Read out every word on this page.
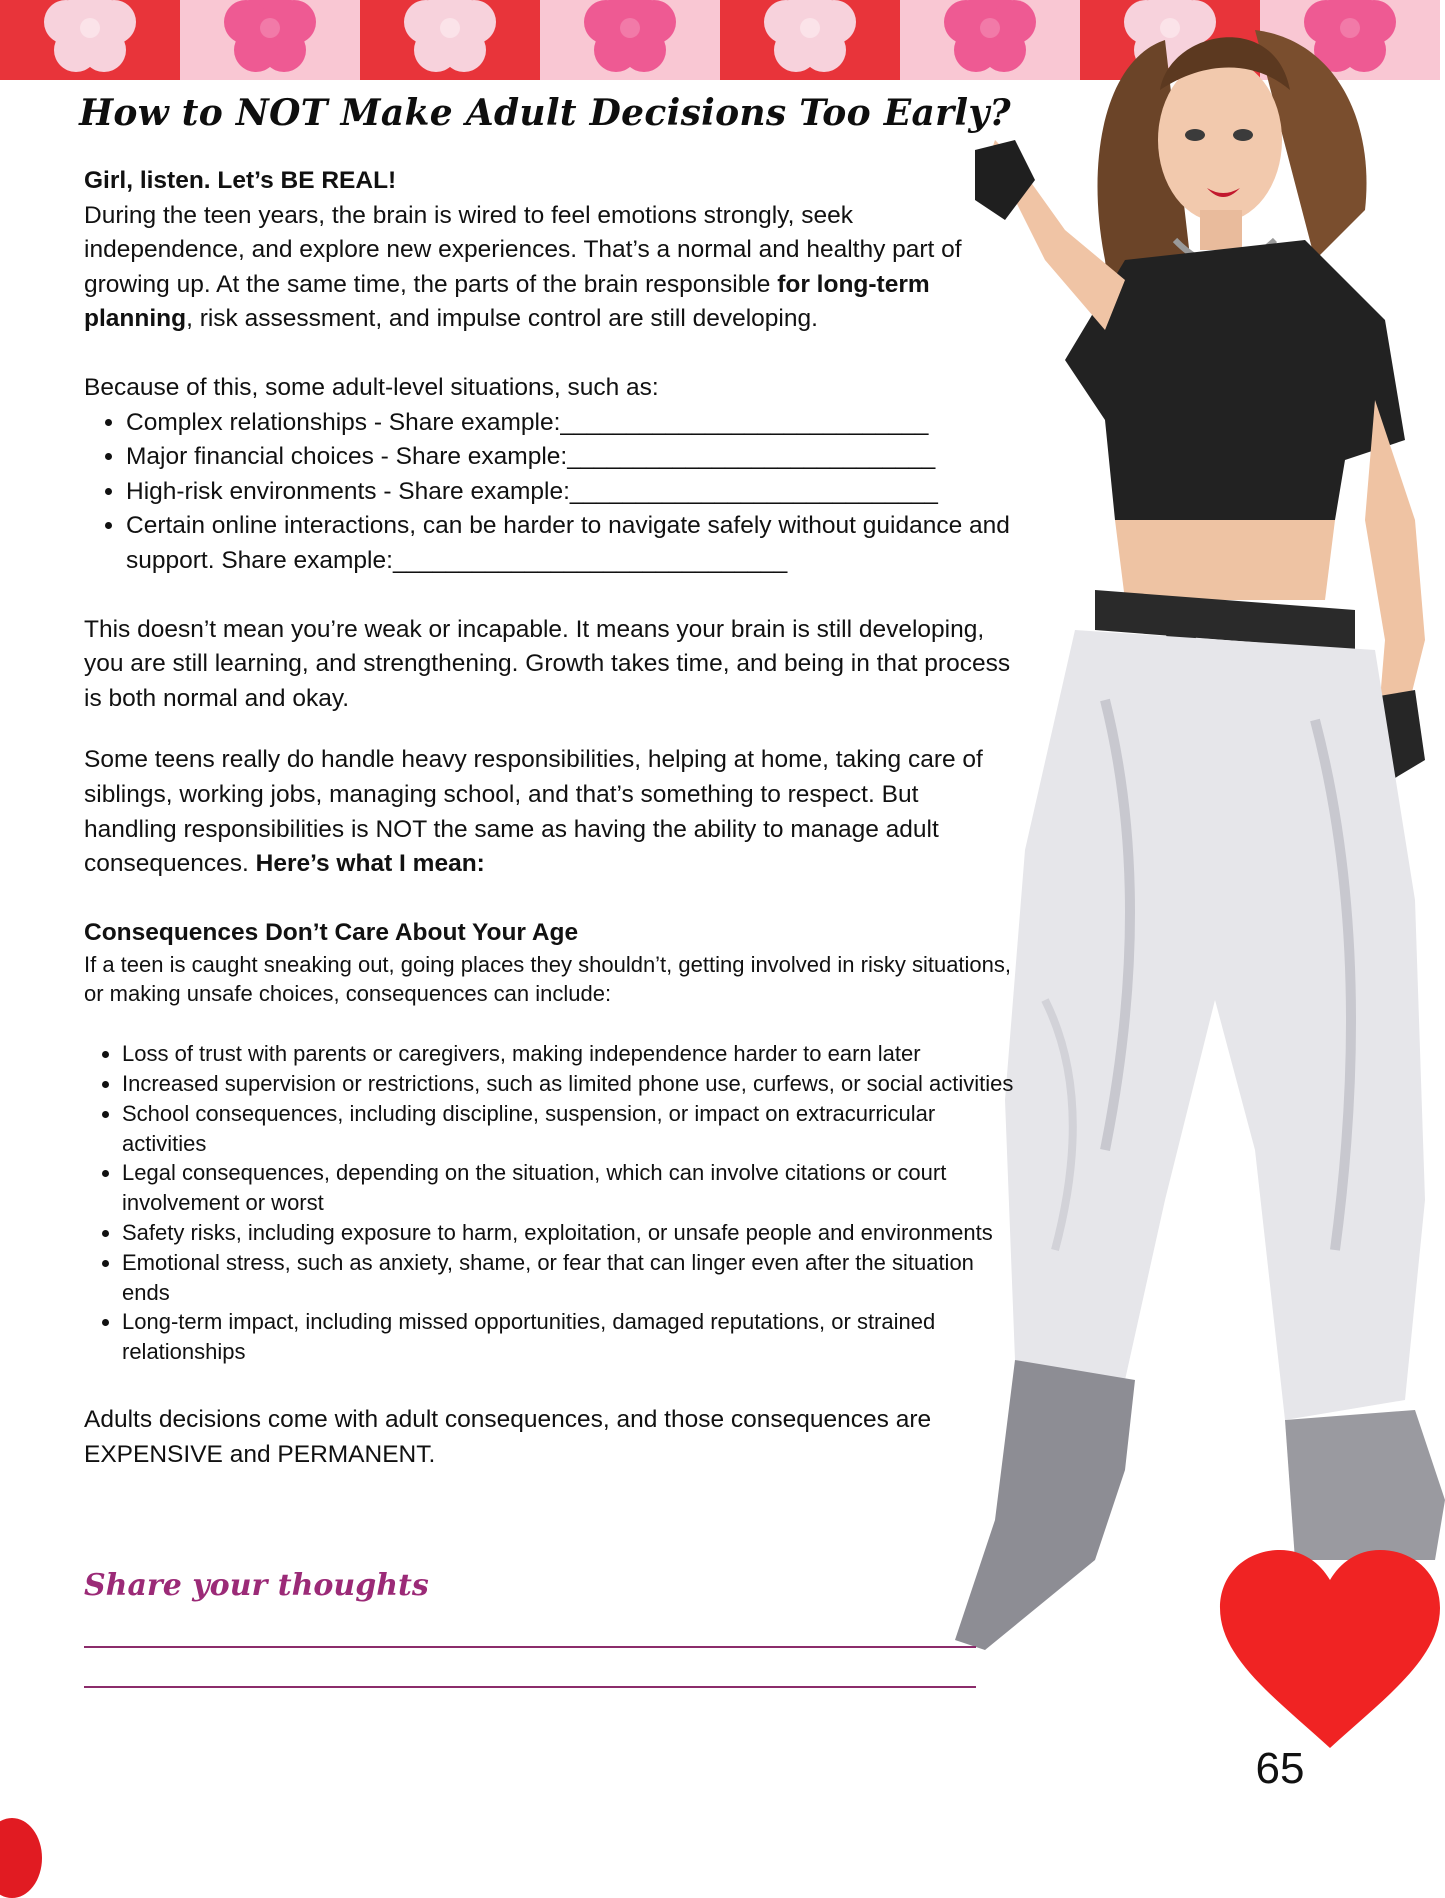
How to NOT Make Adult Decisions Too Early?

Girl, listen. Let’s BE REAL!

During the teen years, the brain is wired to feel emotions strongly, seek independence, and explore new experiences. That’s a normal and healthy part of growing up. At the same time, the parts of the brain responsible for long-term planning, risk assessment, and impulse control are still developing.

Because of this, some adult-level situations, such as:

• Complex relationships - Share example:____________________________
• Major financial choices - Share example:____________________________
• High-risk environments - Share example:____________________________
• Certain online interactions, can be harder to navigate safely without guidance and support. Share example:______________________________

This doesn’t mean you’re weak or incapable. It means your brain is still developing, you are still learning, and strengthening. Growth takes time, and being in that process is both normal and okay.

Some teens really do handle heavy responsibilities, helping at home, taking care of siblings, working jobs, managing school, and that’s something to respect. But handling responsibilities is NOT the same as having the ability to manage adult consequences. Here’s what I mean:

Consequences Don’t Care About Your Age

If a teen is caught sneaking out, going places they shouldn’t, getting involved in risky situations, or making unsafe choices, consequences can include:

• Loss of trust with parents or caregivers, making independence harder to earn later
• Increased supervision or restrictions, such as limited phone use, curfews, or social activities
• School consequences, including discipline, suspension, or impact on extracurricular activities
• Legal consequences, depending on the situation, which can involve citations or court involvement or worst
• Safety risks, including exposure to harm, exploitation, or unsafe people and environments
• Emotional stress, such as anxiety, shame, or fear that can linger even after the situation ends
• Long-term impact, including missed opportunities, damaged reputations, or strained relationships

Adults decisions come with adult consequences, and those consequences are EXPENSIVE and PERMANENT.

Share your thoughts
65
